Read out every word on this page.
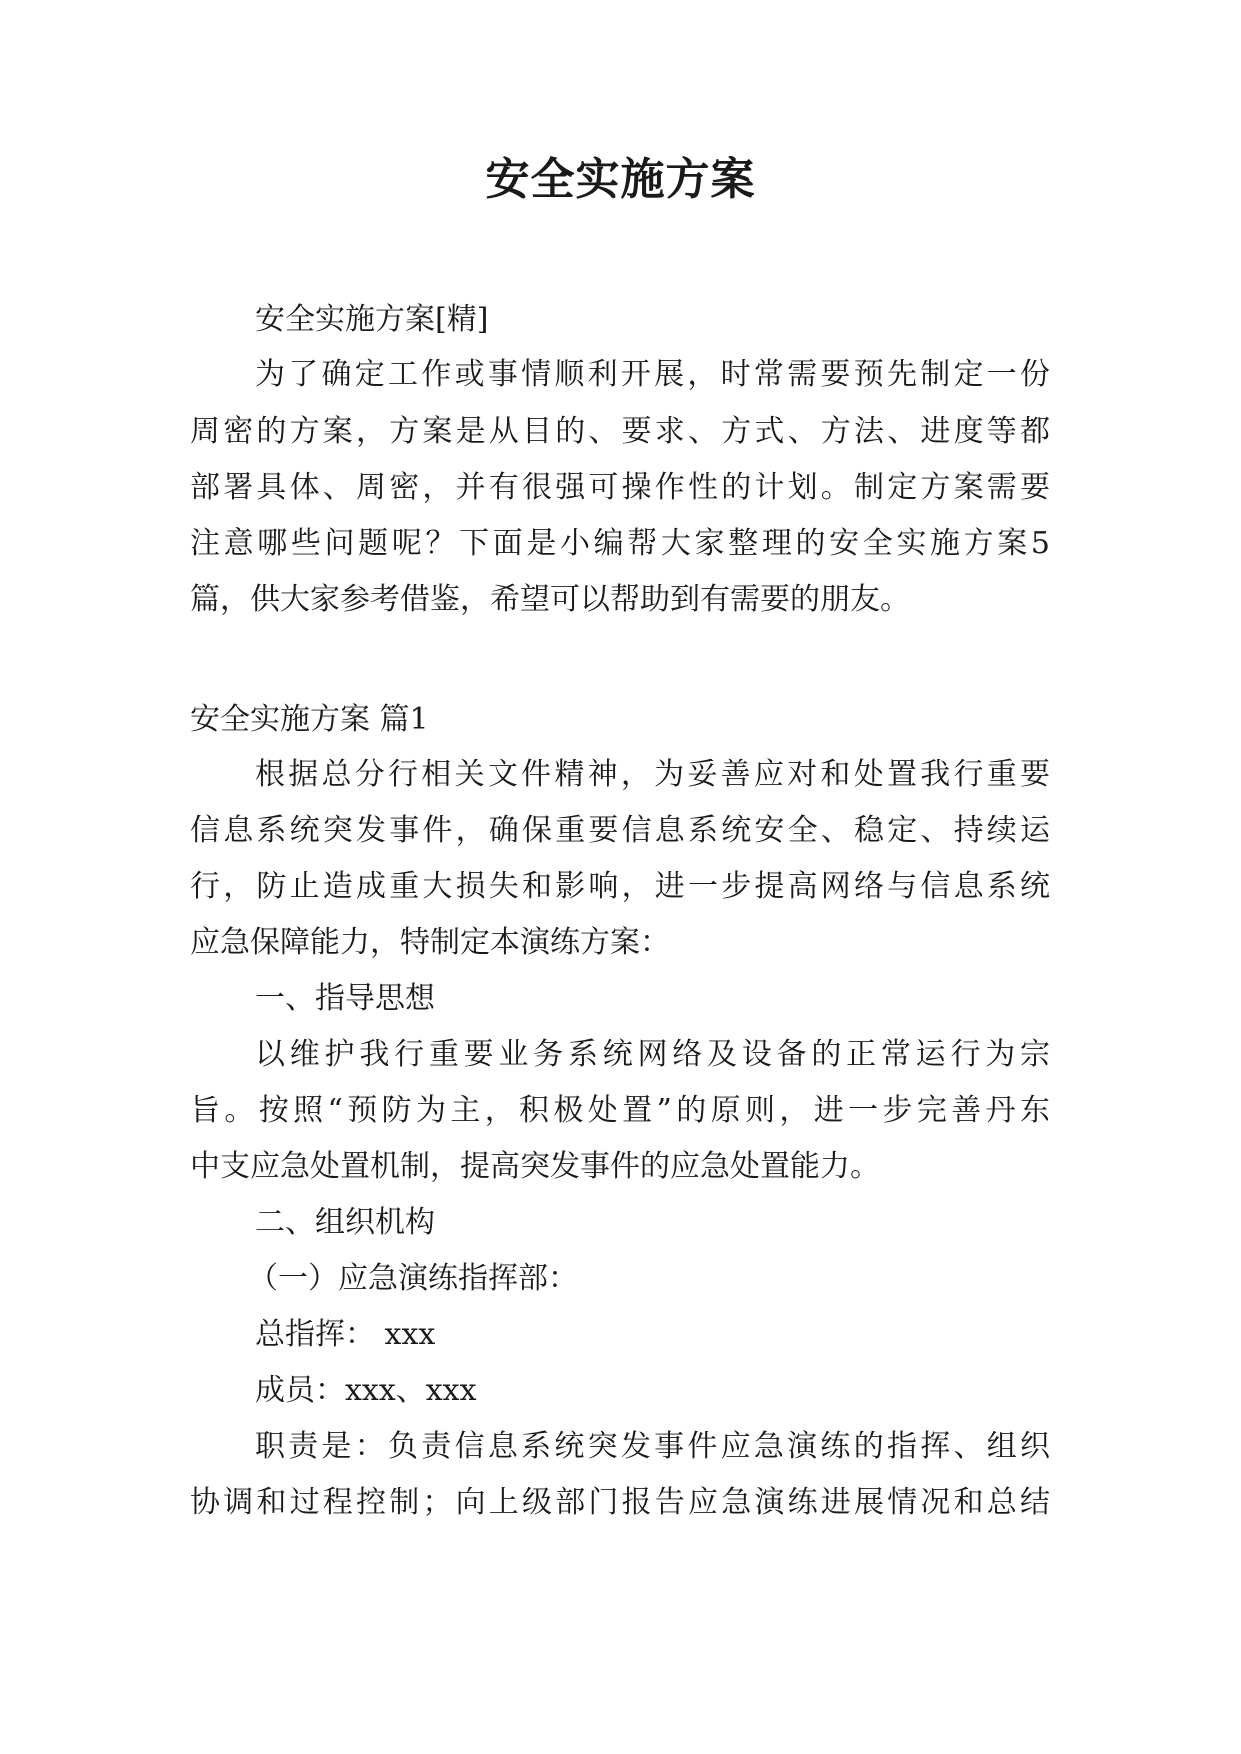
安全实施方案

安全实施方案[精]

为了确定工作或事情顺利开展，时常需要预先制定一份

周密的方案，方案是从目的、要求、方式、方法、进度等都

部署具体、周密，并有很强可操作性的计划。制定方案需要

注意哪些问题呢？下面是小编帮大家整理的安全实施方案5

篇，供大家参考借鉴，希望可以帮助到有需要的朋友。

安全实施方案 篇1

根据总分行相关文件精神，为妥善应对和处置我行重要

信息系统突发事件，确保重要信息系统安全、稳定、持续运

行，防止造成重大损失和影响，进一步提高网络与信息系统

应急保障能力，特制定本演练方案：

一、指导思想

以维护我行重要业务系统网络及设备的正常运行为宗

旨。按照“预防为主，积极处置”的原则，进一步完善丹东

中支应急处置机制，提高突发事件的应急处置能力。

二、组织机构

（一）应急演练指挥部：

总指挥： xxx

成员：xxx、xxx

职责是：负责信息系统突发事件应急演练的指挥、组织

协调和过程控制；向上级部门报告应急演练进展情况和总结
